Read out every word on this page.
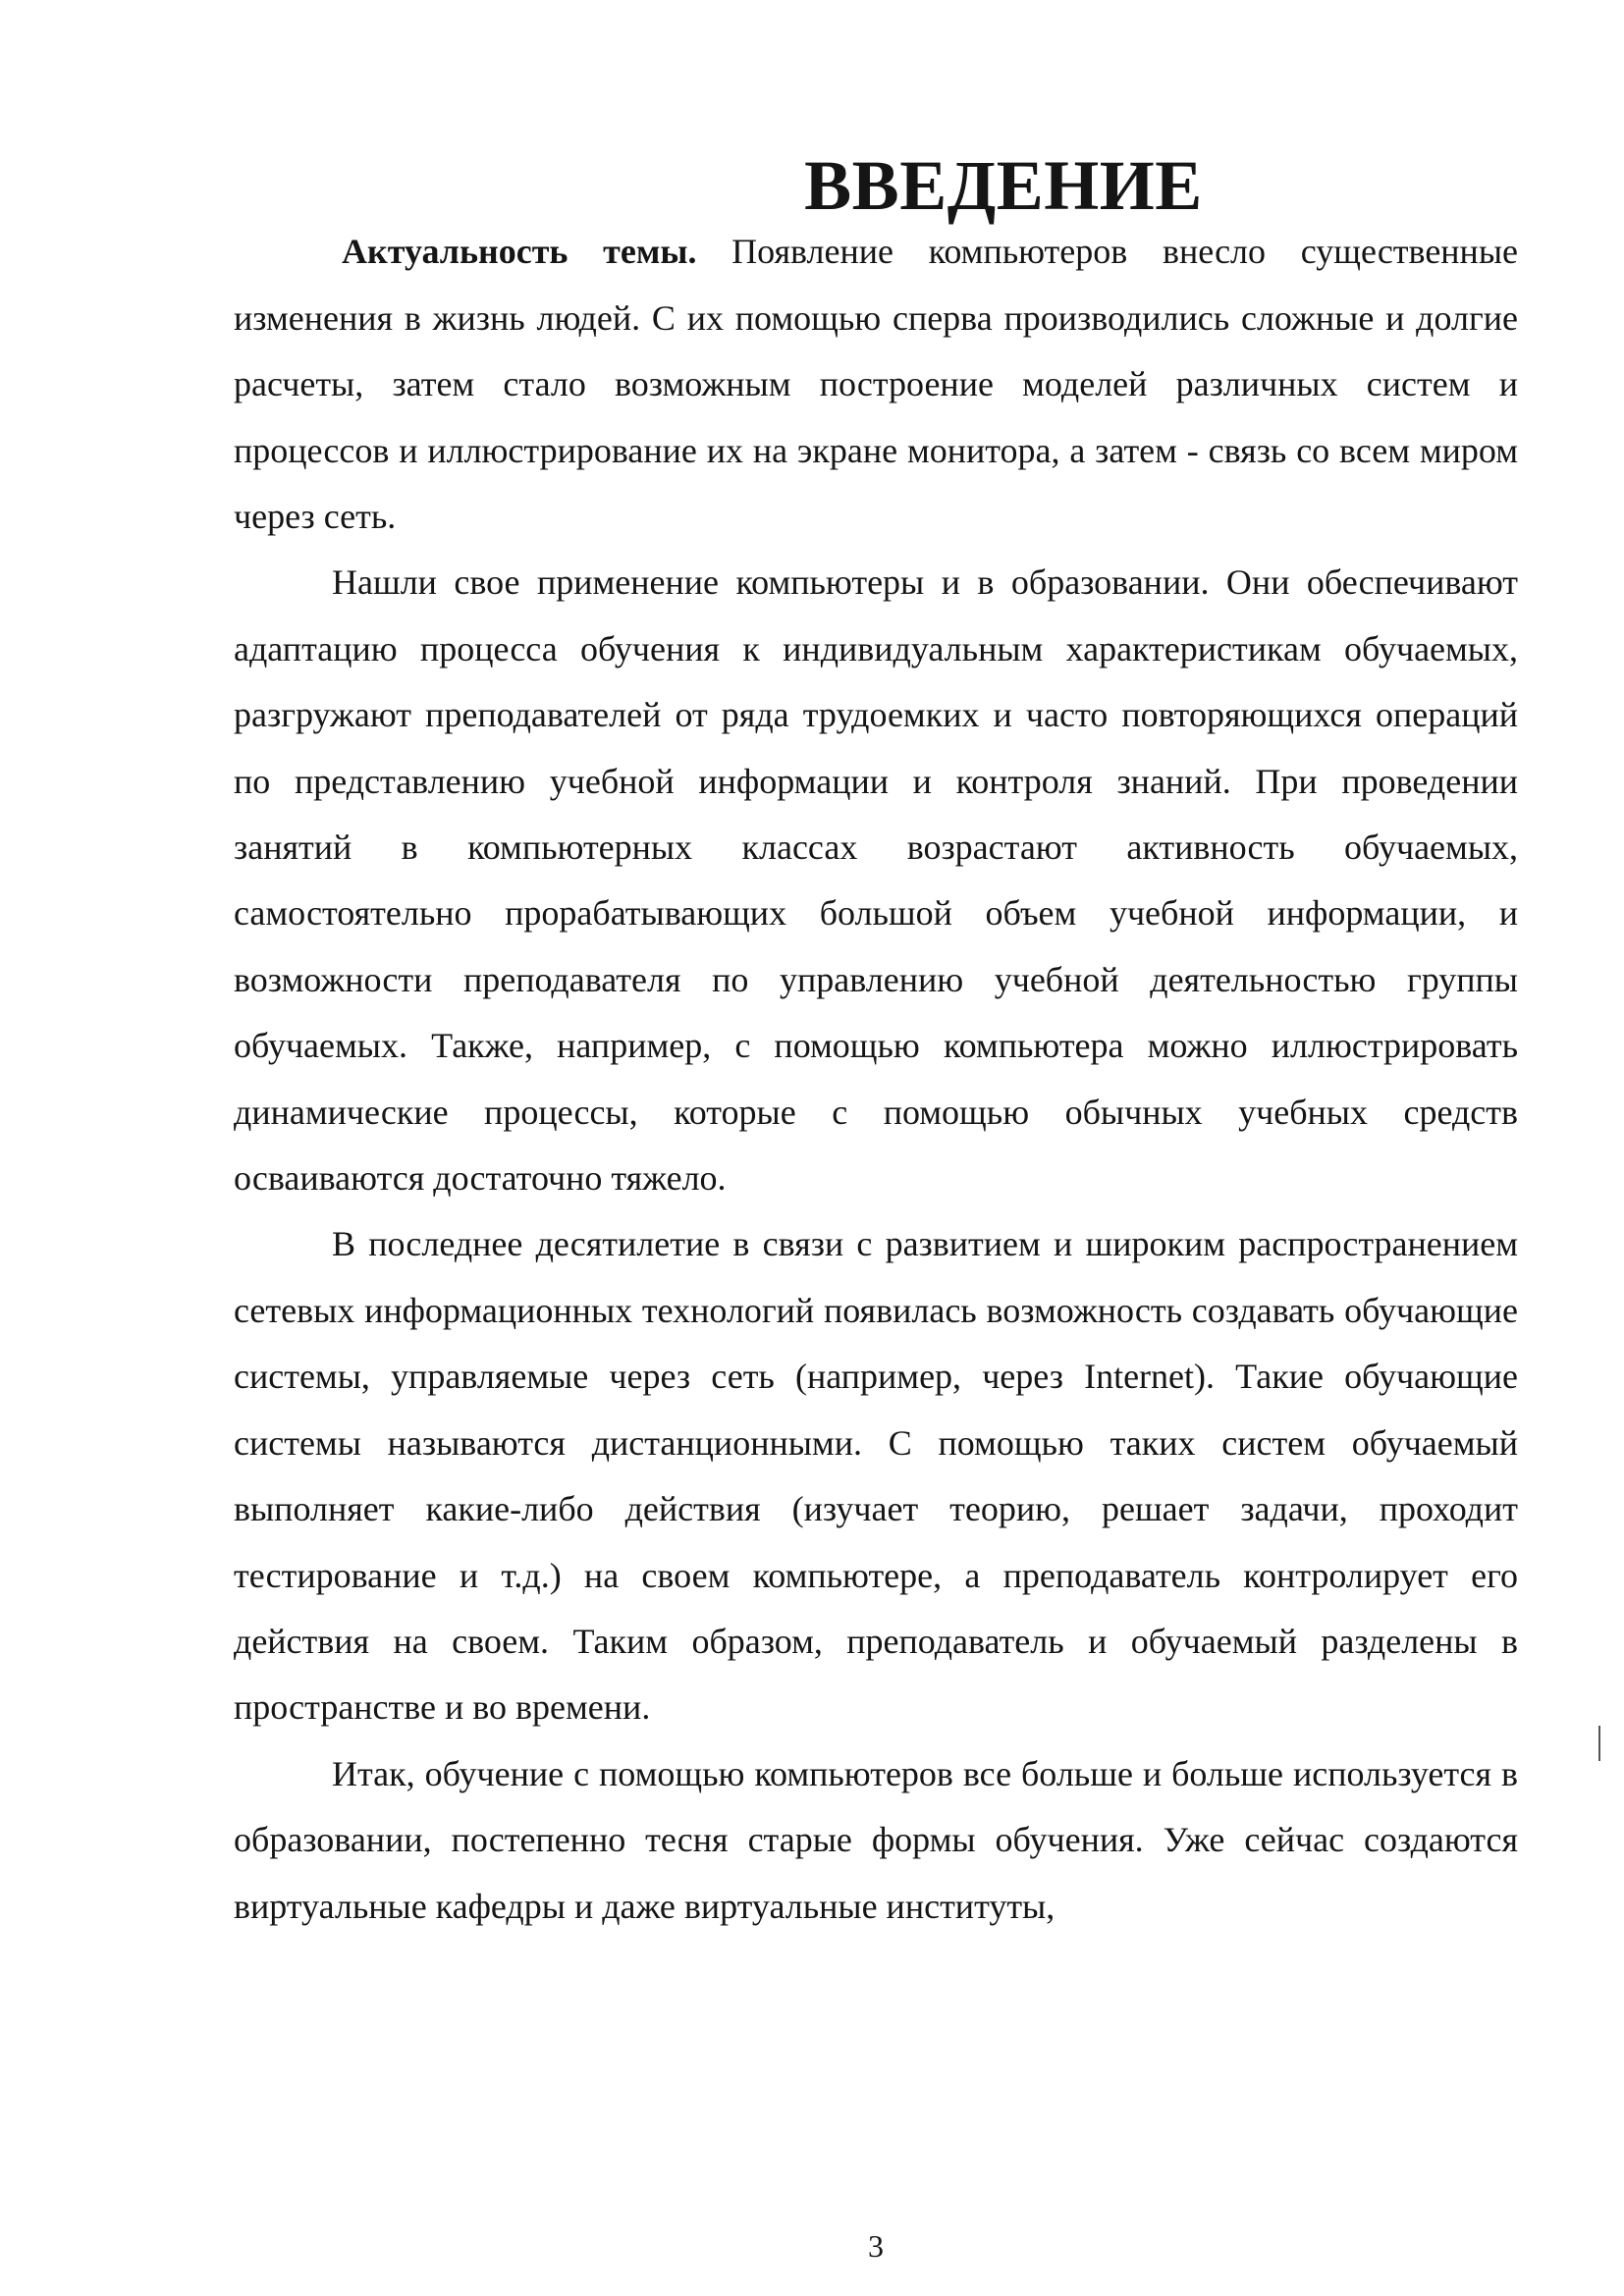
ВВЕДЕНИЕ

Актуальность темы. Появление компьютеров внесло существенные изменения в жизнь людей. С их помощью сперва производились сложные и долгие расчеты, затем стало возможным построение моделей различных систем и процессов и иллюстрирование их на экране монитора, а затем - связь со всем миром через сеть.

Нашли свое применение компьютеры и в образовании. Они обеспечивают адаптацию процесса обучения к индивидуальным характеристикам обучаемых, разгружают преподавателей от ряда трудоемких и часто повторяющихся операций по представлению учебной информации и контроля знаний. При проведении занятий в компьютерных классах возрастают активность обучаемых, самостоятельно прорабатывающих большой объем учебной информации, и возможности преподавателя по управлению учебной деятельностью группы обучаемых. Также, например, с помощью компьютера можно иллюстрировать динамические процессы, которые с помощью обычных учебных средств осваиваются достаточно тяжело.

В последнее десятилетие в связи с развитием и широким распространением сетевых информационных технологий появилась возможность создавать обучающие системы, управляемые через сеть (например, через Internet). Такие обучающие системы называются дистанционными. С помощью таких систем обучаемый выполняет какие-либо действия (изучает теорию, решает задачи, проходит тестирование и т.д.) на своем компьютере, а преподаватель контролирует его действия на своем. Таким образом, преподаватель и обучаемый разделены в пространстве и во времени.

Итак, обучение с помощью компьютеров все больше и больше используется в образовании, постепенно тесня старые формы обучения. Уже сейчас создаются виртуальные кафедры и даже виртуальные институты,

3
